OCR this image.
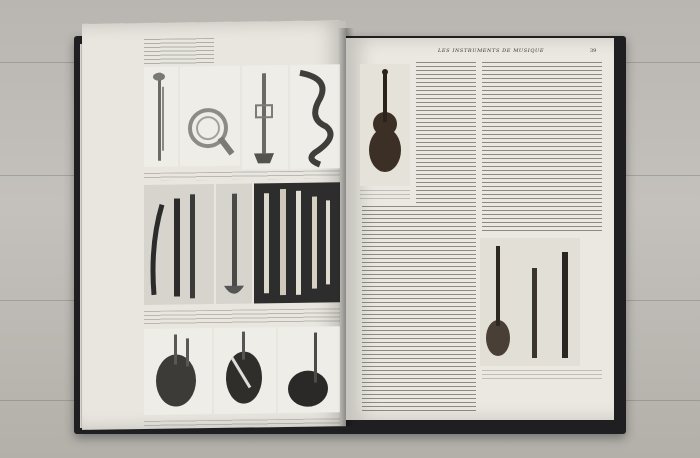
LES INSTRUMENTS DE MUSIQUE	39
